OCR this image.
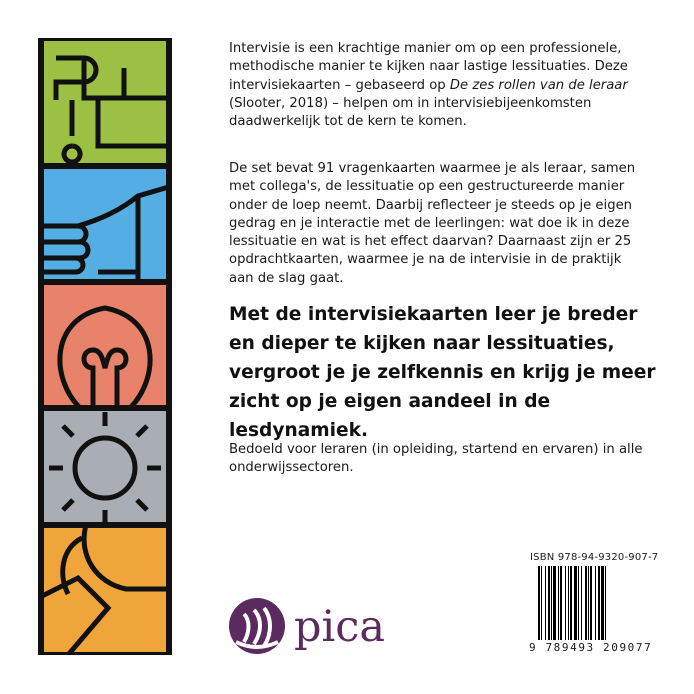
Intervisie is een krachtige manier om op een professionele, methodische manier te kijken naar lastige lessituaties. Deze intervisiekaarten – gebaseerd op De zes rollen van de leraar (Slooter, 2018) – helpen om in intervisiebijeenkomsten daadwerkelijk tot de kern te komen.

De set bevat 91 vragenkaarten waarmee je als leraar, samen met collega's, de lessituatie op een gestructureerde manier onder de loep neemt. Daarbij reflecteer je steeds op je eigen gedrag en je interactie met de leerlingen: wat doe ik in deze lessituatie en wat is het effect daarvan? Daarnaast zijn er 25 opdrachtkaarten, waarmee je na de intervisie in de praktijk aan de slag gaat.

Met de intervisiekaarten leer je breder en dieper te kijken naar lessituaties, vergroot je je zelfkennis en krijg je meer zicht op je eigen aandeel in de lesdynamiek.

Bedoeld voor leraren (in opleiding, startend en ervaren) in alle onderwijssectoren.

ISBN 978-94-9320-907-7
9 789493 209077
pica
